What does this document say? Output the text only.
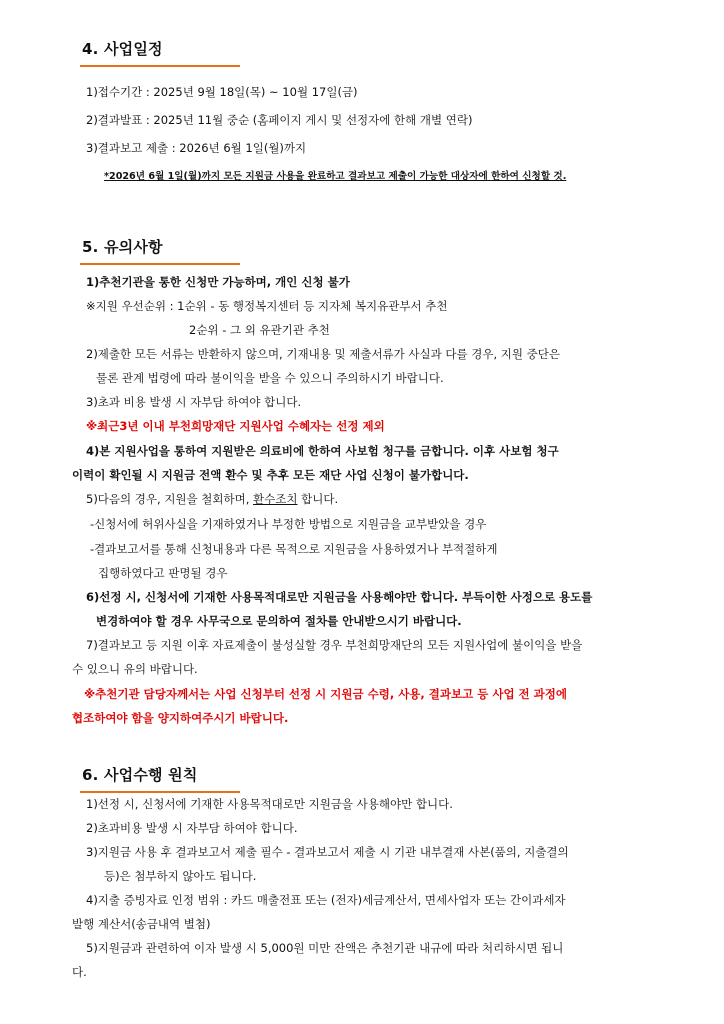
4. 사업일정
1)접수기간 : 2025년 9월 18일(목) ~ 10월 17일(금)
2)결과발표 : 2025년 11월 중순 (홈페이지 게시 및 선정자에 한해 개별 연락)
3)결과보고 제출 : 2026년 6월 1일(월)까지
*2026년 6월 1일(월)까지 모든 지원금 사용을 완료하고 결과보고 제출이 가능한 대상자에 한하여 신청할 것.
5. 유의사항
1)추천기관을 통한 신청만 가능하며, 개인 신청 불가
※지원 우선순위 : 1순위 - 동 행정복지센터 등 지자체 복지유관부서 추천
2순위 - 그 외 유관기관 추천
2)제출한 모든 서류는 반환하지 않으며, 기재내용 및 제출서류가 사실과 다를 경우, 지원 중단은
물론 관계 법령에 따라 불이익을 받을 수 있으니 주의하시기 바랍니다.
3)초과 비용 발생 시 자부담 하여야 합니다.
※최근3년 이내 부천희망재단 지원사업 수혜자는 선정 제외
4)본 지원사업을 통하여 지원받은 의료비에 한하여 사보험 청구를 금합니다. 이후 사보험 청구
이력이 확인될 시 지원금 전액 환수 및 추후 모든 재단 사업 신청이 불가합니다.
5)다음의 경우, 지원을 철회하며, 환수조치 합니다.
-신청서에 허위사실을 기재하였거나 부정한 방법으로 지원금을 교부받았을 경우
-결과보고서를 통해 신청내용과 다른 목적으로 지원금을 사용하였거나 부적절하게
집행하였다고 판명될 경우
6)선정 시, 신청서에 기재한 사용목적대로만 지원금을 사용해야만 합니다. 부득이한 사정으로 용도를
변경하여야 할 경우 사무국으로 문의하여 절차를 안내받으시기 바랍니다.
7)결과보고 등 지원 이후 자료제출이 불성실할 경우 부천희망재단의 모든 지원사업에 불이익을 받을
수 있으니 유의 바랍니다.
※추천기관 담당자께서는 사업 신청부터 선정 시 지원금 수령, 사용, 결과보고 등 사업 전 과정에
협조하여야 함을 양지하여주시기 바랍니다.
6. 사업수행 원칙
1)선정 시, 신청서에 기재한 사용목적대로만 지원금을 사용해야만 합니다.
2)초과비용 발생 시 자부담 하여야 합니다.
3)지원금 사용 후 결과보고서 제출 필수 - 결과보고서 제출 시 기관 내부결재 사본(품의, 지출결의
등)은 첨부하지 않아도 됩니다.
4)지출 증빙자료 인정 범위 : 카드 매출전표 또는 (전자)세금계산서, 면세사업자 또는 간이과세자
발행 계산서(송금내역 별첨)
5)지원금과 관련하여 이자 발생 시 5,000원 미만 잔액은 추천기관 내규에 따라 처리하시면 됩니
다.
